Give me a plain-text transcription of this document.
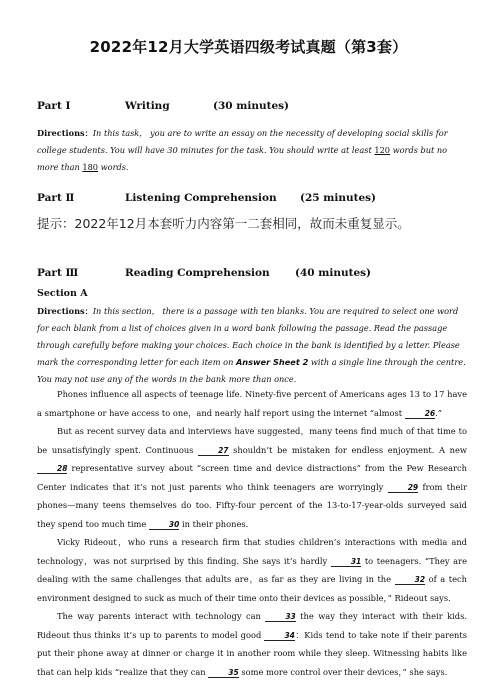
2022年12月大学英语四级考试真题（第3套）
Part Ⅰ	Writing	(30 minutes)
Directions：In this task， you are to write an essay on the necessity of developing social skills for college students. You will have 30 minutes for the task. You should write at least 120 words but no more than 180 words.
Part Ⅱ	Listening Comprehension (25 minutes)
提示：2022年12月本套听力内容第一二套相同，故而未重复显示。
Part Ⅲ	Reading Comprehension (40 minutes)
Section A
Directions：In this section， there is a passage with ten blanks. You are required to select one word for each blank from a list of choices given in a word bank following the passage. Read the passage through carefully before making your choices. Each choice in the bank is identified by a letter. Please mark the corresponding letter for each item on Answer Sheet 2 with a single line through the centre. You may not use any of the words in the bank more than once.

Phones influence all aspects of teenage life. Ninety-five percent of Americans ages 13 to 17 have a smartphone or have access to one，and nearly half report using the internet “almost	26.”

But as recent survey data and interviews have suggested，many teens find much of that time to be unsatisfyingly spent. Continuous	27 shouldn’t be mistaken for endless enjoyment. A new 28 representative survey about “screen time and device distractions” from the Pew Research Center indicates that it’s not just parents who think teenagers are worryingly	29 from their phones—many teens themselves do too. Fifty-four percent of the 13-to-17-year-olds surveyed said they spend too much time	30 in their phones.

Vicky Rideout，who runs a research firm that studies children’s interactions with media and technology，was not surprised by this finding. She says it’s hardly	31 to teenagers. “They are dealing with the same challenges that adults are，as far as they are living in the	32 of a tech environment designed to suck as much of their time onto their devices as possible，” Rideout says.

The way parents interact with technology can	33 the way they interact with their kids. Rideout thus thinks it’s up to parents to model good	34：Kids tend to take note if their parents put their phone away at dinner or charge it in another room while they sleep. Witnessing habits like that can help kids “realize that they can	35 some more control over their devices，” she says.
